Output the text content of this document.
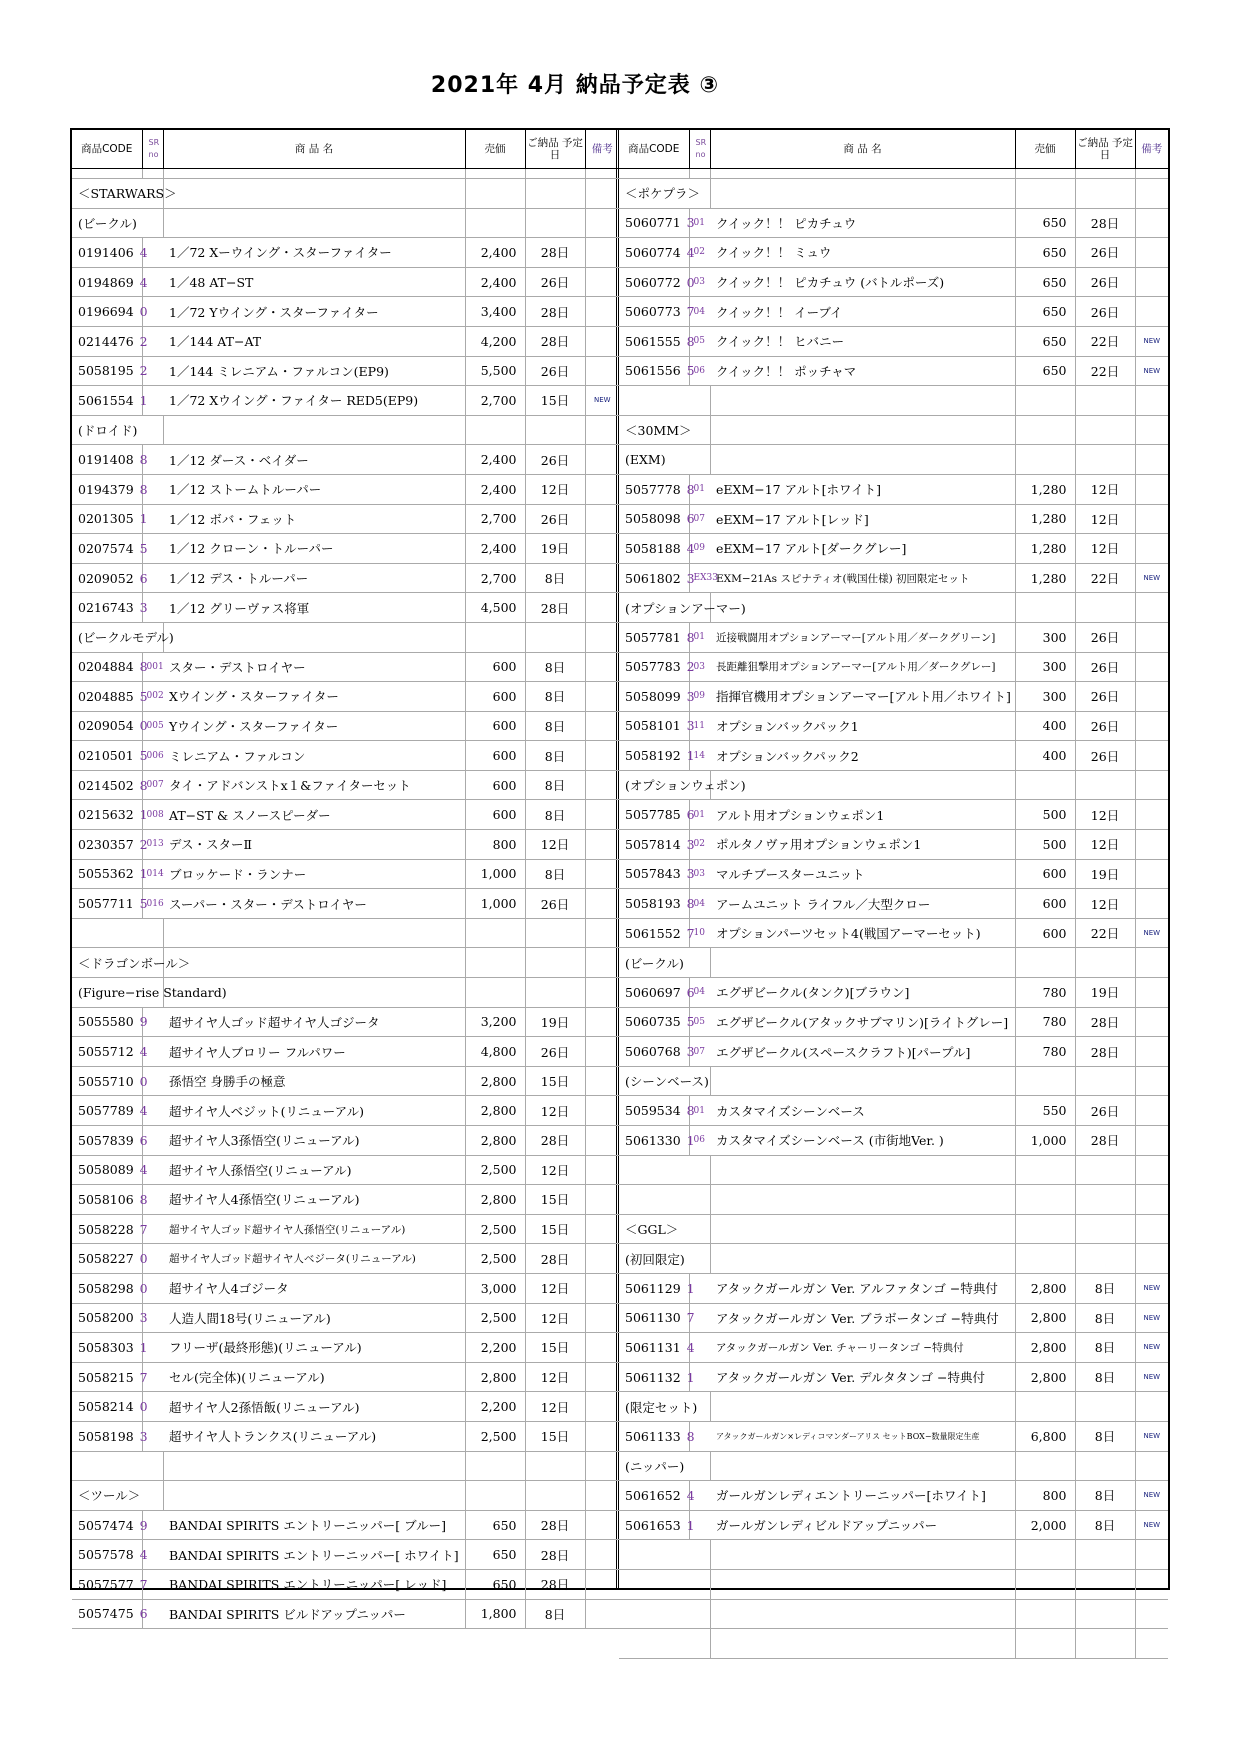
2021年 4月 納品予定表 ③
商品CODE	SR no	商 品 名	売価	ご納品 予定日	備考

＜STARWARS＞					
(ビークル)					
0191406 4		1／72 Xーウイング・スターファイター	2,400	28日	
0194869 4		1／48 AT−ST	2,400	26日	
0196694 0		1／72 Yウイング・スターファイター	3,400	28日	
0214476 2		1／144 AT−AT	4,200	28日	
5058195 2		1／144 ミレニアム・ファルコン(EP9)	5,500	26日	
5061554 1		1／72 Xウイング・ファイター RED5(EP9)	2,700	15日	NEW
(ドロイド)					
0191408 8		1／12 ダース・ベイダー	2,400	26日	
0194379 8		1／12 ストームトルーパー	2,400	12日	
0201305 1		1／12 ボバ・フェット	2,700	26日	
0207574 5		1／12 クローン・トルーパー	2,400	19日	
0209052 6		1／12 デス・トルーパー	2,700	8日	
0216743 3		1／12 グリーヴァス将軍	4,500	28日	
(ビークルモデル)					
0204884 8	001	スター・デストロイヤー	600	8日	
0204885 5	002	Xウイング・スターファイター	600	8日	
0209054 0	005	Yウイング・スターファイター	600	8日	
0210501 5	006	ミレニアム・ファルコン	600	8日	
0214502 8	007	タイ・アドバンストx１&ファイターセット	600	8日	
0215632 1	008	AT−ST & スノースピーダー	600	8日	
0230357 2	013	デス・スターⅡ	800	12日	
5055362 1	014	ブロッケード・ランナー	1,000	8日	
5057711 5	016	スーパー・スター・デストロイヤー	1,000	26日	

＜ドラゴンボール＞					
(Figure−rise Standard)					
5055580 9		超サイヤ人ゴッド超サイヤ人ゴジータ	3,200	19日	
5055712 4		超サイヤ人ブロリー フルパワー	4,800	26日	
5055710 0		孫悟空 身勝手の極意	2,800	15日	
5057789 4		超サイヤ人ベジット(リニューアル)	2,800	12日	
5057839 6		超サイヤ人3孫悟空(リニューアル)	2,800	28日	
5058089 4		超サイヤ人孫悟空(リニューアル)	2,500	12日	
5058106 8		超サイヤ人4孫悟空(リニューアル)	2,800	15日	
5058228 7		超サイヤ人ゴッド超サイヤ人孫悟空(リニューアル)	2,500	15日	
5058227 0		超サイヤ人ゴッド超サイヤ人ベジータ(リニューアル)	2,500	28日	
5058298 0		超サイヤ人4ゴジータ	3,000	12日	
5058200 3		人造人間18号(リニューアル)	2,500	12日	
5058303 1		フリーザ(最終形態)(リニューアル)	2,200	15日	
5058215 7		セル(完全体)(リニューアル)	2,800	12日	
5058214 0		超サイヤ人2孫悟飯(リニューアル)	2,200	12日	
5058198 3		超サイヤ人トランクス(リニューアル)	2,500	15日	

＜ツール＞					
5057474 9		BANDAI SPIRITS エントリーニッパー[ ブルー]	650	28日	
5057578 4		BANDAI SPIRITS エントリーニッパー[ ホワイト]	650	28日	
5057577 7		BANDAI SPIRITS エントリーニッパー[ レッド]	650	28日	
5057475 6		BANDAI SPIRITS ビルドアップニッパー	1,800	8日	
商品CODE	SR no	商 品 名	売価	ご納品 予定日	備考

＜ポケプラ＞					
5060771 3	01	クイック！！ ピカチュウ	650	28日	
5060774 4	02	クイック！！ ミュウ	650	26日	
5060772 0	03	クイック！！ ピカチュウ (バトルポーズ)	650	26日	
5060773 7	04	クイック！！ イーブイ	650	26日	
5061555 8	05	クイック！！ ヒバニー	650	22日	NEW
5061556 5	06	クイック！！ ポッチャマ	650	22日	NEW

＜30MM＞					
(EXM)					
5057778 8	01	eEXM−17 アルト[ホワイト]	1,280	12日	
5058098 6	07	eEXM−17 アルト[レッド]	1,280	12日	
5058188 4	09	eEXM−17 アルト[ダークグレー]	1,280	12日	
5061802 3	EX33	EXM−21As スピナティオ(戦国仕様) 初回限定セット	1,280	22日	NEW
(オプションアーマー)					
5057781 8	01	近接戦闘用オプションアーマー[アルト用／ダークグリーン]	300	26日	
5057783 2	03	長距離狙撃用オプションアーマー[アルト用／ダークグレー]	300	26日	
5058099 3	09	指揮官機用オプションアーマー[アルト用／ホワイト]	300	26日	
5058101 3	11	オプションバックパック1	400	26日	
5058192 1	14	オプションバックパック2	400	26日	
(オプションウェポン)					
5057785 6	01	アルト用オプションウェポン1	500	12日	
5057814 3	02	ポルタノヴァ用オプションウェポン1	500	12日	
5057843 3	03	マルチブースターユニット	600	19日	
5058193 8	04	アームユニット ライフル／大型クロー	600	12日	
5061552 7	10	オプションパーツセット4(戦国アーマーセット)	600	22日	NEW
(ビークル)					
5060697 6	04	エグザビークル(タンク)[ブラウン]	780	19日	
5060735 5	05	エグザビークル(アタックサブマリン)[ライトグレー]	780	28日	
5060768 3	07	エグザビークル(スペースクラフト)[パープル]	780	28日	
(シーンベース)					
5059534 8	01	カスタマイズシーンベース	550	26日	
5061330 1	06	カスタマイズシーンベース (市街地Ver. )	1,000	28日	

＜GGL＞					
(初回限定)					
5061129 1		アタックガールガン Ver. アルファタンゴ −特典付	2,800	8日	NEW
5061130 7		アタックガールガン Ver. ブラボータンゴ −特典付	2,800	8日	NEW
5061131 4		アタックガールガン Ver. チャーリータンゴ −特典付	2,800	8日	NEW
5061132 1		アタックガールガン Ver. デルタタンゴ −特典付	2,800	8日	NEW
(限定セット)					
5061133 8		アタックガールガン×レディコマンダーアリス セットBOX−数量限定生産	6,800	8日	NEW
(ニッパー)					
5061652 4		ガールガンレディエントリーニッパー[ホワイト]	800	8日	NEW
5061653 1		ガールガンレディビルドアップニッパー	2,000	8日	NEW
